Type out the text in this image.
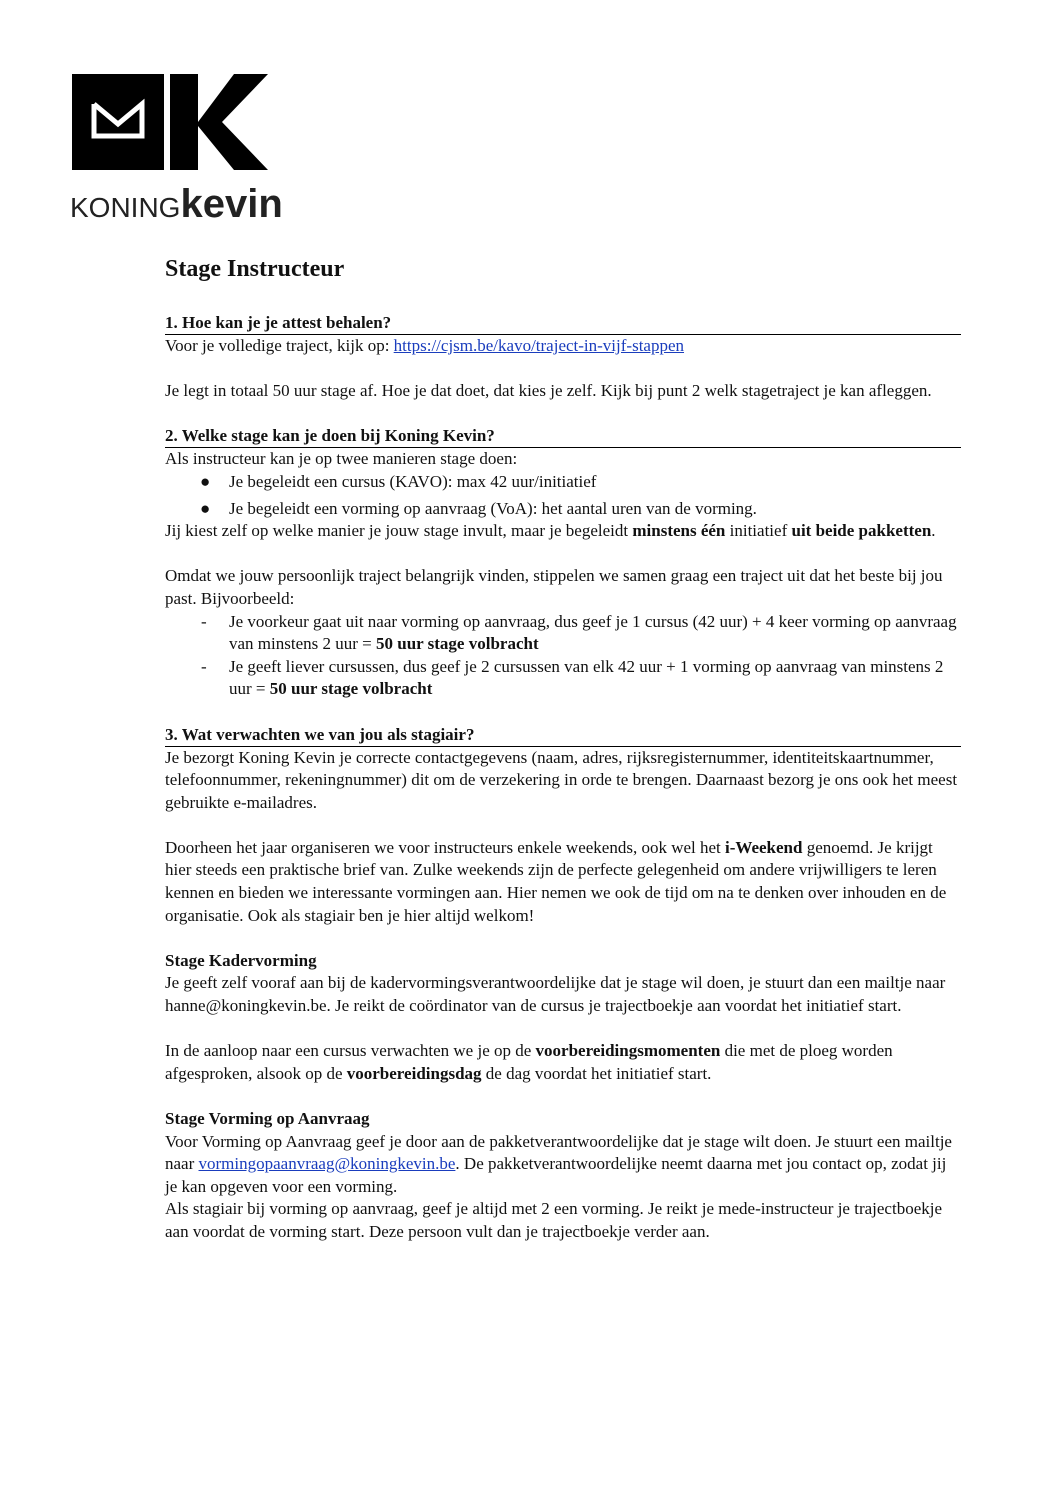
KONINGkevin
Stage Instructeur
1. Hoe kan je je attest behalen?

Voor je volledige traject, kijk op: https://cjsm.be/kavo/traject-in-vijf-stappen

Je legt in totaal 50 uur stage af. Hoe je dat doet, dat kies je zelf. Kijk bij punt 2 welk stagetraject je kan afleggen.

2. Welke stage kan je doen bij Koning Kevin?

Als instructeur kan je op twee manieren stage doen:

● Je begeleidt een cursus (KAVO): max 42 uur/initiatief
● Je begeleidt een vorming op aanvraag (VoA): het aantal uren van de vorming.

Jij kiest zelf op welke manier je jouw stage invult, maar je begeleidt minstens één initiatief uit beide pakketten.

Omdat we jouw persoonlijk traject belangrijk vinden, stippelen we samen graag een traject uit dat het beste bij jou past. Bijvoorbeeld:

- Je voorkeur gaat uit naar vorming op aanvraag, dus geef je 1 cursus (42 uur) + 4 keer vorming op aanvraag van minstens 2 uur = 50 uur stage volbracht
- Je geeft liever cursussen, dus geef je 2 cursussen van elk 42 uur + 1 vorming op aanvraag van minstens 2 uur = 50 uur stage volbracht
3. Wat verwachten we van jou als stagiair?

Je bezorgt Koning Kevin je correcte contactgegevens (naam, adres, rijksregisternummer, identiteitskaartnummer, telefoonnummer, rekeningnummer) dit om de verzekering in orde te brengen. Daarnaast bezorg je ons ook het meest gebruikte e-mailadres.

Doorheen het jaar organiseren we voor instructeurs enkele weekends, ook wel het i-Weekend genoemd. Je krijgt hier steeds een praktische brief van. Zulke weekends zijn de perfecte gelegenheid om andere vrijwilligers te leren kennen en bieden we interessante vormingen aan. Hier nemen we ook de tijd om na te denken over inhouden en de organisatie. Ook als stagiair ben je hier altijd welkom!

Stage Kadervorming

Je geeft zelf vooraf aan bij de kadervormingsverantwoordelijke dat je stage wil doen, je stuurt dan een mailtje naar hanne@koningkevin.be. Je reikt de coördinator van de cursus je trajectboekje aan voordat het initiatief start.

In de aanloop naar een cursus verwachten we je op de voorbereidingsmomenten die met de ploeg worden afgesproken, alsook op de voorbereidingsdag de dag voordat het initiatief start.

Stage Vorming op Aanvraag

Voor Vorming op Aanvraag geef je door aan de pakketverantwoordelijke dat je stage wilt doen. Je stuurt een mailtje naar vormingopaanvraag@koningkevin.be. De pakketverantwoordelijke neemt daarna met jou contact op, zodat jij je kan opgeven voor een vorming.

Als stagiair bij vorming op aanvraag, geef je altijd met 2 een vorming. Je reikt je mede-instructeur je trajectboekje aan voordat de vorming start. Deze persoon vult dan je trajectboekje verder aan.
